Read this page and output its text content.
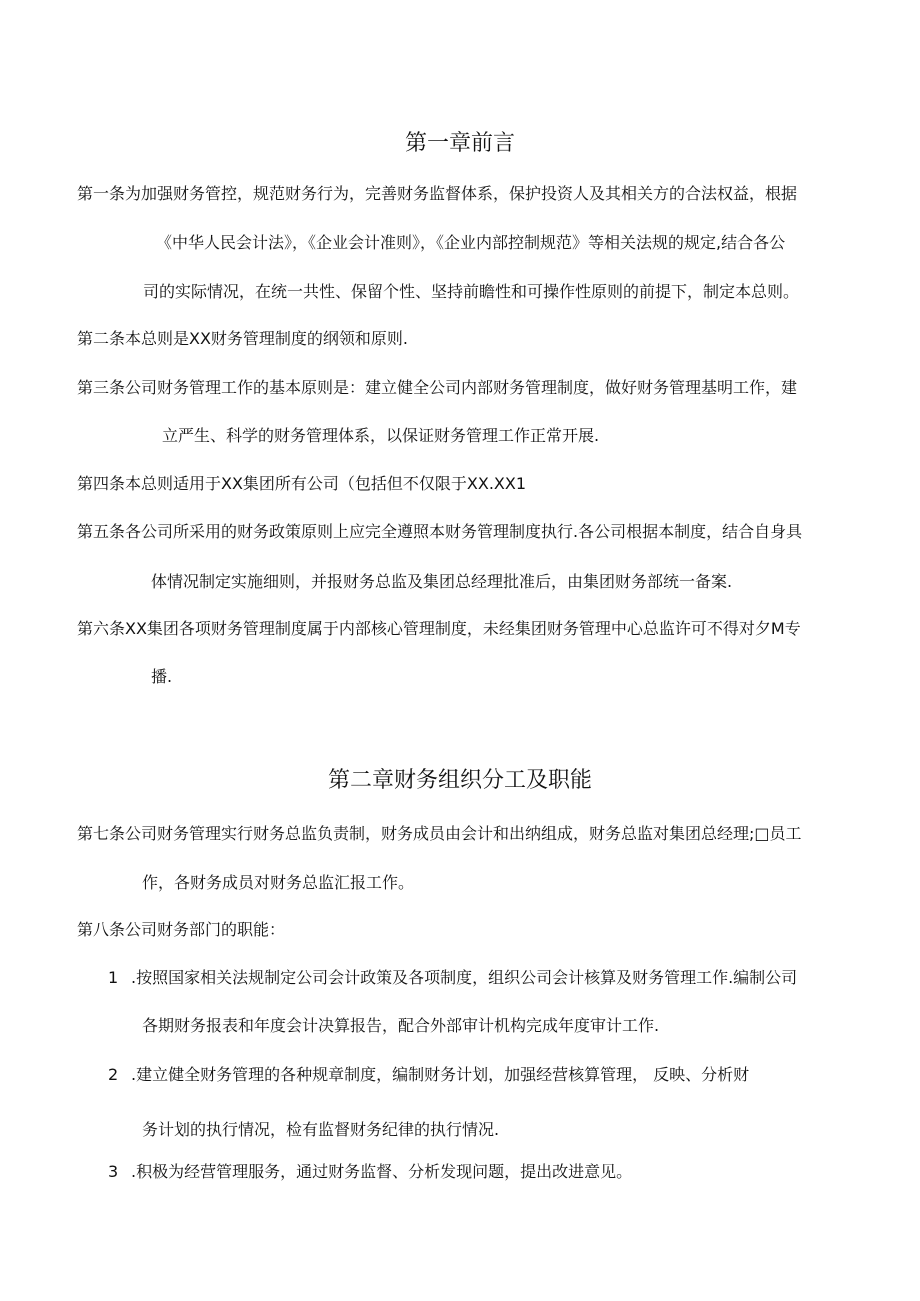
第一章前言
第一条为加强财务管控，规范财务行为，完善财务监督体系，保护投资人及其相关方的合法权益，根据
《中华人民会计法》，《企业会计准则》，《企业内部控制规范》等相关法规的规定,结合各公
司的实际情况，在统一共性、保留个性、坚持前瞻性和可操作性原则的前提下，制定本总则。
第二条本总则是XX财务管理制度的纲领和原则.
第三条公司财务管理工作的基本原则是：建立健全公司内部财务管理制度，做好财务管理基明工作，建
立严生、科学的财务管理体系，以保证财务管理工作正常开展.
第四条本总则适用于XX集团所有公司（包括但不仅限于XX.XX1
第五条各公司所采用的财务政策原则上应完全遵照本财务管理制度执行.各公司根据本制度，结合自身具
体情况制定实施细则，并报财务总监及集团总经理批准后，由集团财务部统一备案.
第六条XX集团各项财务管理制度属于内部核心管理制度，未经集团财务管理中心总监许可不得对夕M专
播.
第二章财务组织分工及职能
第七条公司财务管理实行财务总监负责制，财务成员由会计和出纳组成，财务总监对集团总经理;□员工
作，各财务成员对财务总监汇报工作。
第八条公司财务部门的职能：
1 .按照国家相关法规制定公司会计政策及各项制度，组织公司会计核算及财务管理工作.编制公司
各期财务报表和年度会计决算报告，配合外部审计机构完成年度审计工作.
2 .建立健全财务管理的各种规章制度，编制财务计划，加强经营核算管理， 反映、分析财
务计划的执行情况，检有监督财务纪律的执行情况.
3 .积极为经营管理服务，通过财务监督、分析发现问题，提出改进意见。
